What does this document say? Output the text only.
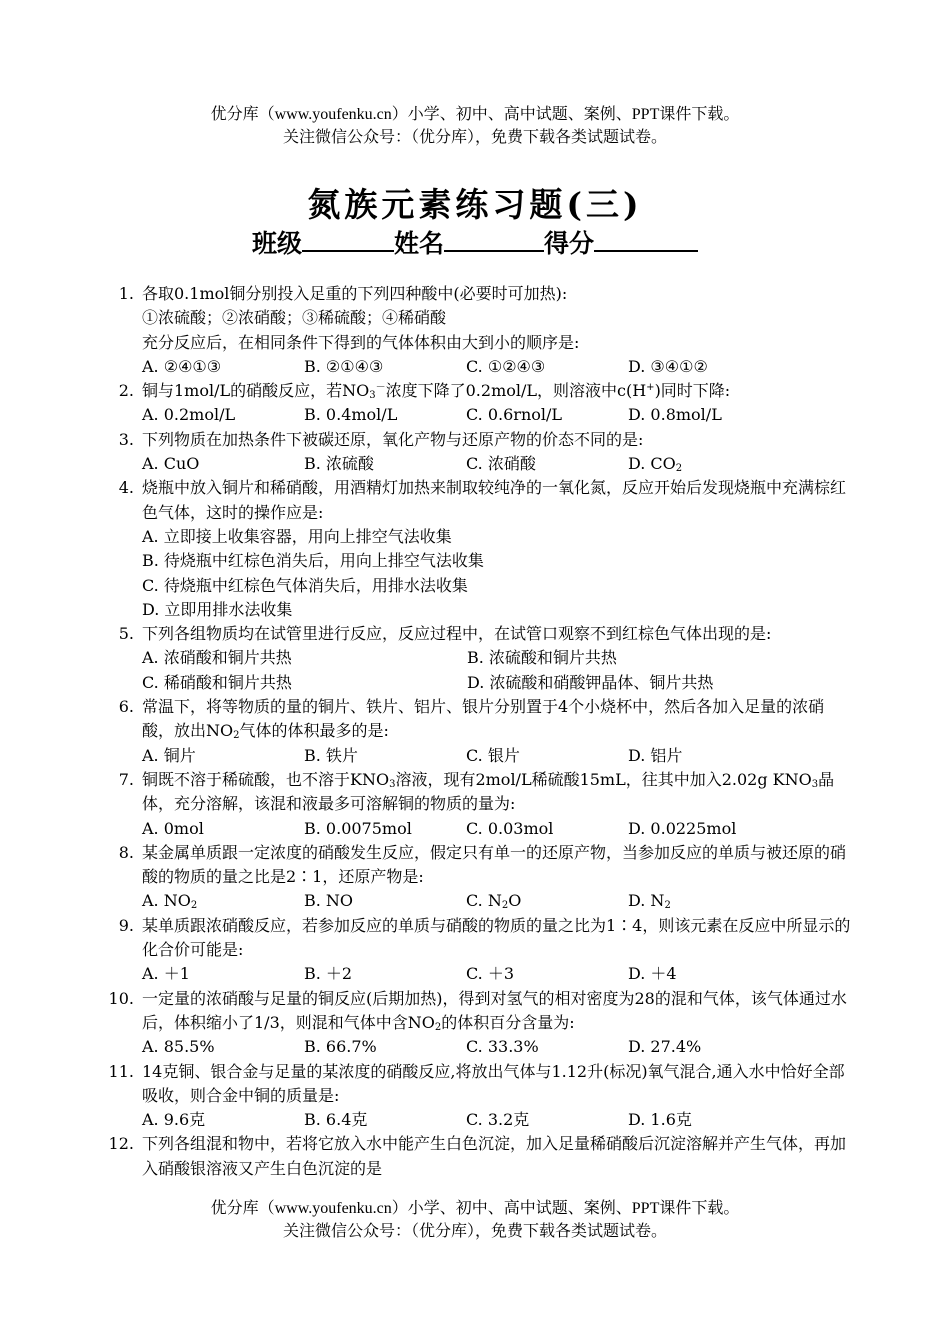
优分库（www.youfenku.cn）小学、初中、高中试题、案例、PPT课件下载。
关注微信公众号：（优分库），免费下载各类试题试卷。
氮族元素练习题(三)
班级	姓名	得分
1. 各取0.1mol铜分别投入足重的下列四种酸中(必要时可加热):
①浓硫酸；②浓硝酸；③稀硫酸；④稀硝酸
充分反应后，在相同条件下得到的气体体积由大到小的顺序是:
A. ②④①③	B. ②①④③	C. ①②④③	D. ③④①②
2. 铜与1mol/L的硝酸反应，若$NO_3^-$浓度下降了0.2mol/L，则溶液中c(H+)同时下降:
A. 0.2mol/L	B. 0.4mol/L	C. 0.6rnol/L	D. 0.8mol/L
3. 下列物质在加热条件下被碳还原，氧化产物与还原产物的价态不同的是:
A. CuO	B. 浓硫酸	C. 浓硝酸	D. $CO_2$
4. 烧瓶中放入铜片和稀硝酸，用酒精灯加热来制取较纯净的一氧化氮，反应开始后发现烧瓶中充满棕红色气体，这时的操作应是:
A. 立即接上收集容器，用向上排空气法收集
B. 待烧瓶中红棕色消失后，用向上排空气法收集
C. 待烧瓶中红棕色气体消失后，用排水法收集
D. 立即用排水法收集
5. 下列各组物质均在试管里进行反应，反应过程中，在试管口观察不到红棕色气体出现的是:
A. 浓硝酸和铜片共热	B. 浓硫酸和铜片共热
C. 稀硝酸和铜片共热	D. 浓硫酸和硝酸钾晶体、铜片共热
6. 常温下，将等物质的量的铜片、铁片、铝片、银片分别置于4个小烧杯中，然后各加入足量的浓硝酸，放出$NO_2$气体的体积最多的是:
A. 铜片	B. 铁片	C. 银片	D. 铝片
7. 铜既不溶于稀硫酸，也不溶于$KNO_3$溶液，现有2mol/L稀硫酸15mL，往其中加入2.02g $KNO_3$晶体，充分溶解，该混和液最多可溶解铜的物质的量为:
A. 0mol	B. 0.0075mol	C. 0.03mol	D. 0.0225mol
8. 某金属单质跟一定浓度的硝酸发生反应，假定只有单一的还原产物，当参加反应的单质与被还原的硝酸的物质的量之比是2∶1，还原产物是:
A. $NO_2$	B. NO	C. $N_2O$	D. $N_2$
9. 某单质跟浓硝酸反应，若参加反应的单质与硝酸的物质的量之比为1∶4，则该元素在反应中所显示的化合价可能是:
A. ＋1	B. ＋2	C. ＋3	D. ＋4
10. 一定量的浓硝酸与足量的铜反应(后期加热)，得到对氢气的相对密度为28的混和气体，该气体通过水后，体积缩小了1/3，则混和气体中含$NO_2$的体积百分含量为:
A. 85.5%	B. 66.7%	C. 33.3%	D. 27.4%
11. 14克铜、银合金与足量的某浓度的硝酸反应,将放出气体与1.12升(标况)氧气混合,通入水中恰好全部吸收，则合金中铜的质量是:
A. 9.6克	B. 6.4克	C. 3.2克	D. 1.6克
12. 下列各组混和物中，若将它放入水中能产生白色沉淀，加入足量稀硝酸后沉淀溶解并产生气体，再加入硝酸银溶液又产生白色沉淀的是
优分库（www.youfenku.cn）小学、初中、高中试题、案例、PPT课件下载。
关注微信公众号：（优分库），免费下载各类试题试卷。
